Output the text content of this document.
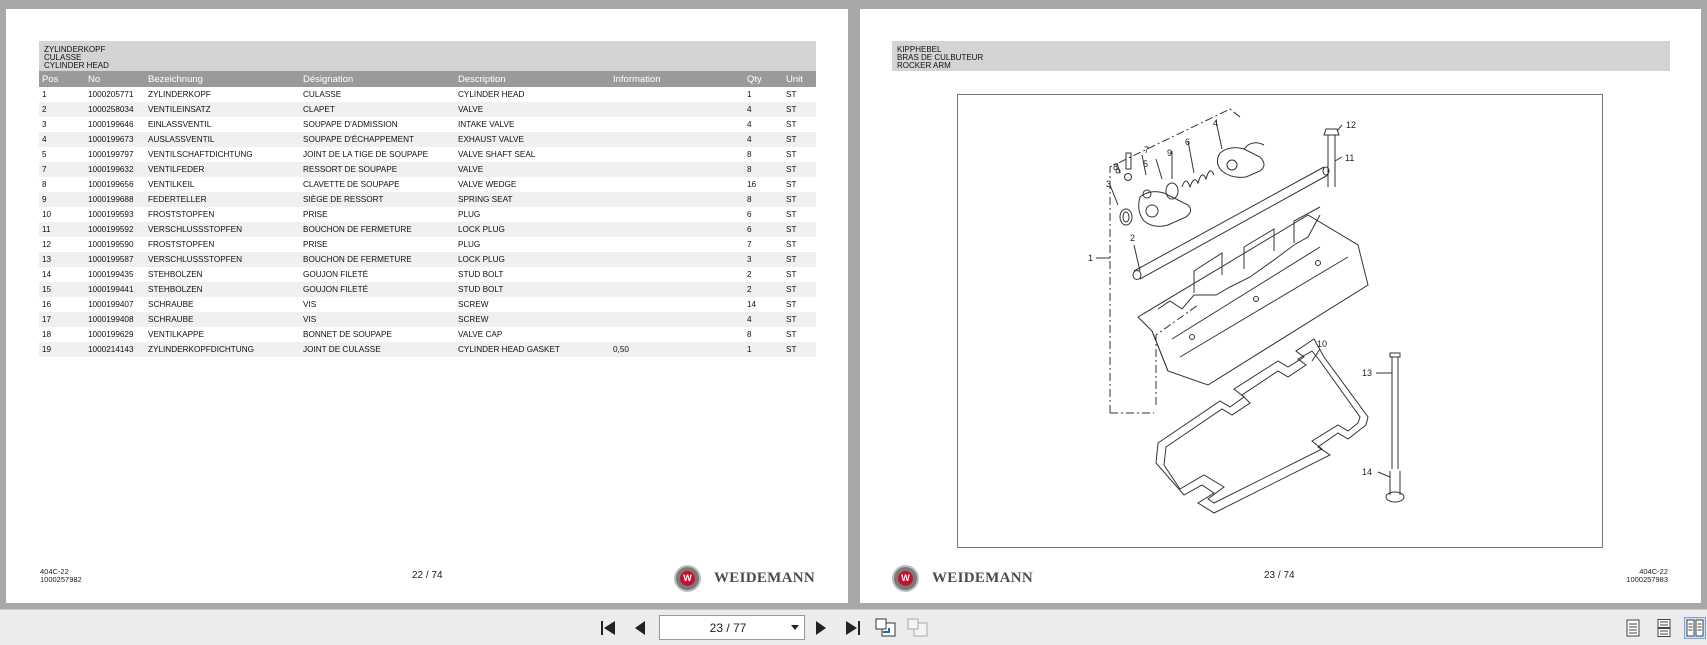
ZYLINDERKOPF
CULASSE
CYLINDER HEAD
Pos	No	Bezeichnung	Désignation	Description	Information	Qty	Unit
1	1000205771	ZYLINDERKOPF	CULASSE	CYLINDER HEAD		1	ST
2	1000258034	VENTILEINSATZ	CLAPET	VALVE		4	ST
3	1000199646	EINLASSVENTIL	SOUPAPE D'ADMISSION	INTAKE VALVE		4	ST
4	1000199673	AUSLASSVENTIL	SOUPAPE D'ÉCHAPPEMENT	EXHAUST VALVE		4	ST
5	1000199797	VENTILSCHAFTDICHTUNG	JOINT DE LA TIGE DE SOUPAPE	VALVE SHAFT SEAL		8	ST
7	1000199632	VENTILFEDER	RESSORT DE SOUPAPE	VALVE		8	ST
8	1000199656	VENTILKEIL	CLAVETTE DE SOUPAPE	VALVE WEDGE		16	ST
9	1000199688	FEDERTELLER	SIÈGE DE RESSORT	SPRING SEAT		8	ST
10	1000199593	FROSTSTOPFEN	PRISE	PLUG		6	ST
11	1000199592	VERSCHLUSSSTOPFEN	BOUCHON DE FERMETURE	LOCK PLUG		6	ST
12	1000199590	FROSTSTOPFEN	PRISE	PLUG		7	ST
13	1000199587	VERSCHLUSSSTOPFEN	BOUCHON DE FERMETURE	LOCK PLUG		3	ST
14	1000199435	STEHBOLZEN	GOUJON FILETÉ	STUD BOLT		2	ST
15	1000199441	STEHBOLZEN	GOUJON FILETÉ	STUD BOLT		2	ST
16	1000199407	SCHRAUBE	VIS	SCREW		14	ST
17	1000199408	SCHRAUBE	VIS	SCREW		4	ST
18	1000199629	VENTILKAPPE	BONNET DE SOUPAPE	VALVE CAP		8	ST
19	1000214143	ZYLINDERKOPFDICHTUNG	JOINT DE CULASSE	CYLINDER HEAD GASKET	0,50	1	ST
404C-22
1000257982	22 / 74	W WEIDEMANN
KIPPHEBEL
BRAS DE CULBUTEUR
ROCKER ARM
1
2
3
4
5
6
7
8
9
10
11
12
13
14
W WEIDEMANN	23 / 74	404C-22
1000257983
23 / 77
